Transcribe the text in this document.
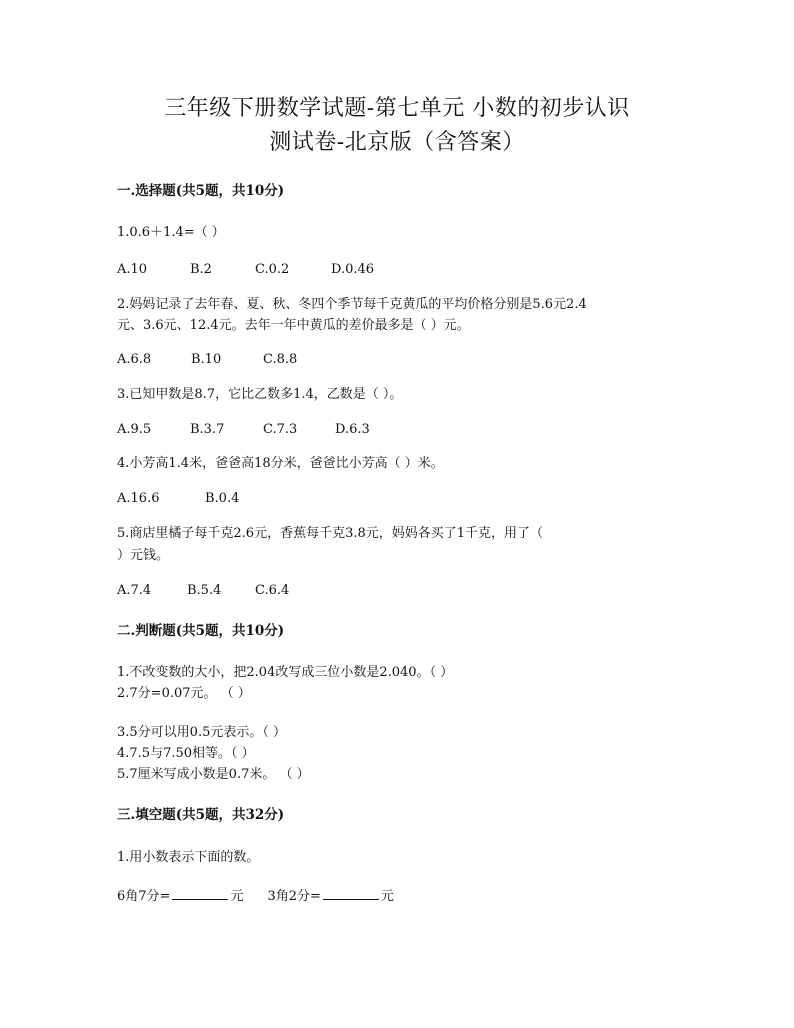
三年级下册数学试题-第七单元 小数的初步认识
测试卷-北京版（含答案）
一.选择题(共5题，共10分)
1.0.6＋1.4=（ ）
A.10	B.2	C.0.2	D.0.46
2.妈妈记录了去年春、夏、秋、冬四个季节每千克黄瓜的平均价格分别是5.6元2.4
元、3.6元、12.4元。去年一年中黄瓜的差价最多是（ ）元。
A.6.8	B.10	C.8.8
3.已知甲数是8.7，它比乙数多1.4，乙数是（ ）。
A.9.5	B.3.7	C.7.3	D.6.3
4.小芳高1.4米，爸爸高18分米，爸爸比小芳高（ ）米。
A.16.6	B.0.4
5.商店里橘子每千克2.6元，香蕉每千克3.8元，妈妈各买了1千克，用了（
）元钱。
A.7.4	B.5.4	C.6.4
二.判断题(共5题，共10分)
1.不改变数的大小，把2.04改写成三位小数是2.040。（ ）
2.7分=0.07元。 （ ）
3.5分可以用0.5元表示。（ ）
4.7.5与7.50相等。（ ）
5.7厘米写成小数是0.7米。 （ ）
三.填空题(共5题，共32分)
1.用小数表示下面的数。
6角7分=	元 3角2分=	元
